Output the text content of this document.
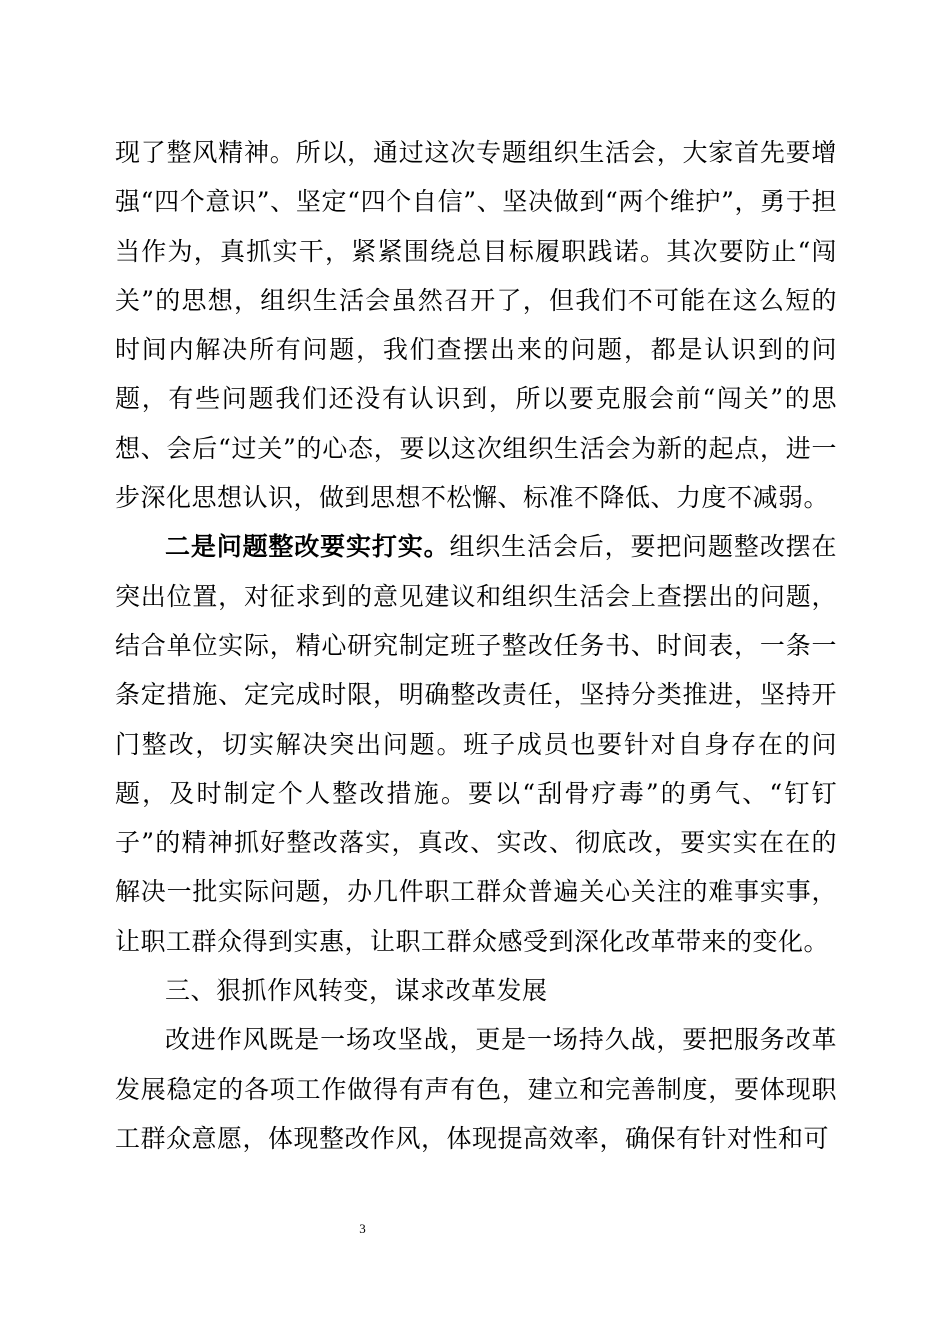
现了整风精神。所以，通过这次专题组织生活会，大家首先要增强“四个意识”、坚定“四个自信”、坚决做到“两个维护”，勇于担当作为，真抓实干，紧紧围绕总目标履职践诺。其次要防止“闯关”的思想，组织生活会虽然召开了，但我们不可能在这么短的时间内解决所有问题，我们查摆出来的问题，都是认识到的问题，有些问题我们还没有认识到，所以要克服会前“闯关”的思想、会后“过关”的心态，要以这次组织生活会为新的起点，进一步深化思想认识，做到思想不松懈、标准不降低、力度不减弱。

二是问题整改要实打实。组织生活会后，要把问题整改摆在突出位置，对征求到的意见建议和组织生活会上查摆出的问题，结合单位实际，精心研究制定班子整改任务书、时间表，一条一条定措施、定完成时限，明确整改责任，坚持分类推进，坚持开门整改，切实解决突出问题。班子成员也要针对自身存在的问题，及时制定个人整改措施。要以“刮骨疗毒”的勇气、“钉钉子”的精神抓好整改落实，真改、实改、彻底改，要实实在在的解决一批实际问题，办几件职工群众普遍关心关注的难事实事，让职工群众得到实惠，让职工群众感受到深化改革带来的变化。

三、狠抓作风转变，谋求改革发展

改进作风既是一场攻坚战，更是一场持久战，要把服务改革发展稳定的各项工作做得有声有色，建立和完善制度，要体现职工群众意愿，体现整改作风，体现提高效率，确保有针对性和可

3
